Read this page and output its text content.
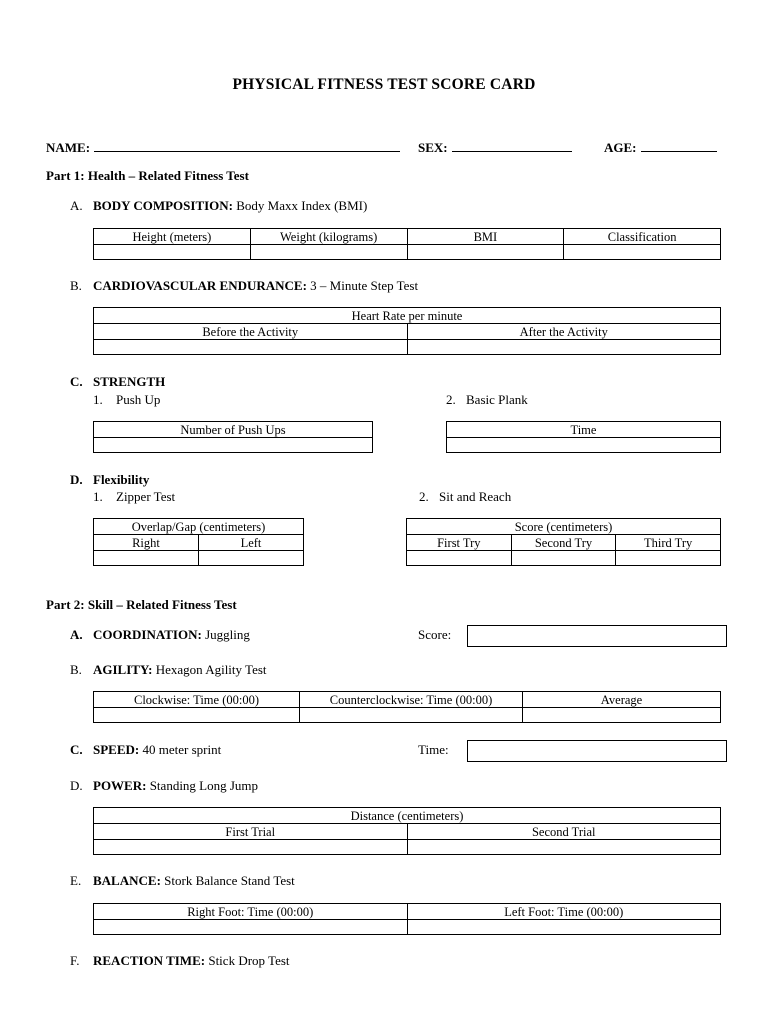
PHYSICAL FITNESS TEST SCORE CARD
NAME:	SEX:	AGE:
Part 1: Health – Related Fitness Test
A. BODY COMPOSITION: Body Maxx Index (BMI)
Height (meters)	Weight (kilograms)	BMI	Classification

B. CARDIOVASCULAR ENDURANCE: 3 – Minute Step Test
Heart Rate per minute	
Before the Activity	After the Activity

C. STRENGTH
1. Push Up	2. Basic Plank
Number of Push Ups	Time

D. Flexibility
1. Zipper Test	2. Sit and Reach
Overlap/Gap (centimeters)	
Right	Left

Score (centimeters)		
First Try	Second Try	Third Try

Part 2: Skill – Related Fitness Test
A. COORDINATION: Juggling	Score:
B. AGILITY: Hexagon Agility Test
Clockwise: Time (00:00)	Counterclockwise: Time (00:00)	Average

C. SPEED: 40 meter sprint	Time:
D. POWER: Standing Long Jump
Distance (centimeters)	
First Trial	Second Trial

E. BALANCE: Stork Balance Stand Test
Right Foot: Time (00:00)	Left Foot: Time (00:00)

F. REACTION TIME: Stick Drop Test
